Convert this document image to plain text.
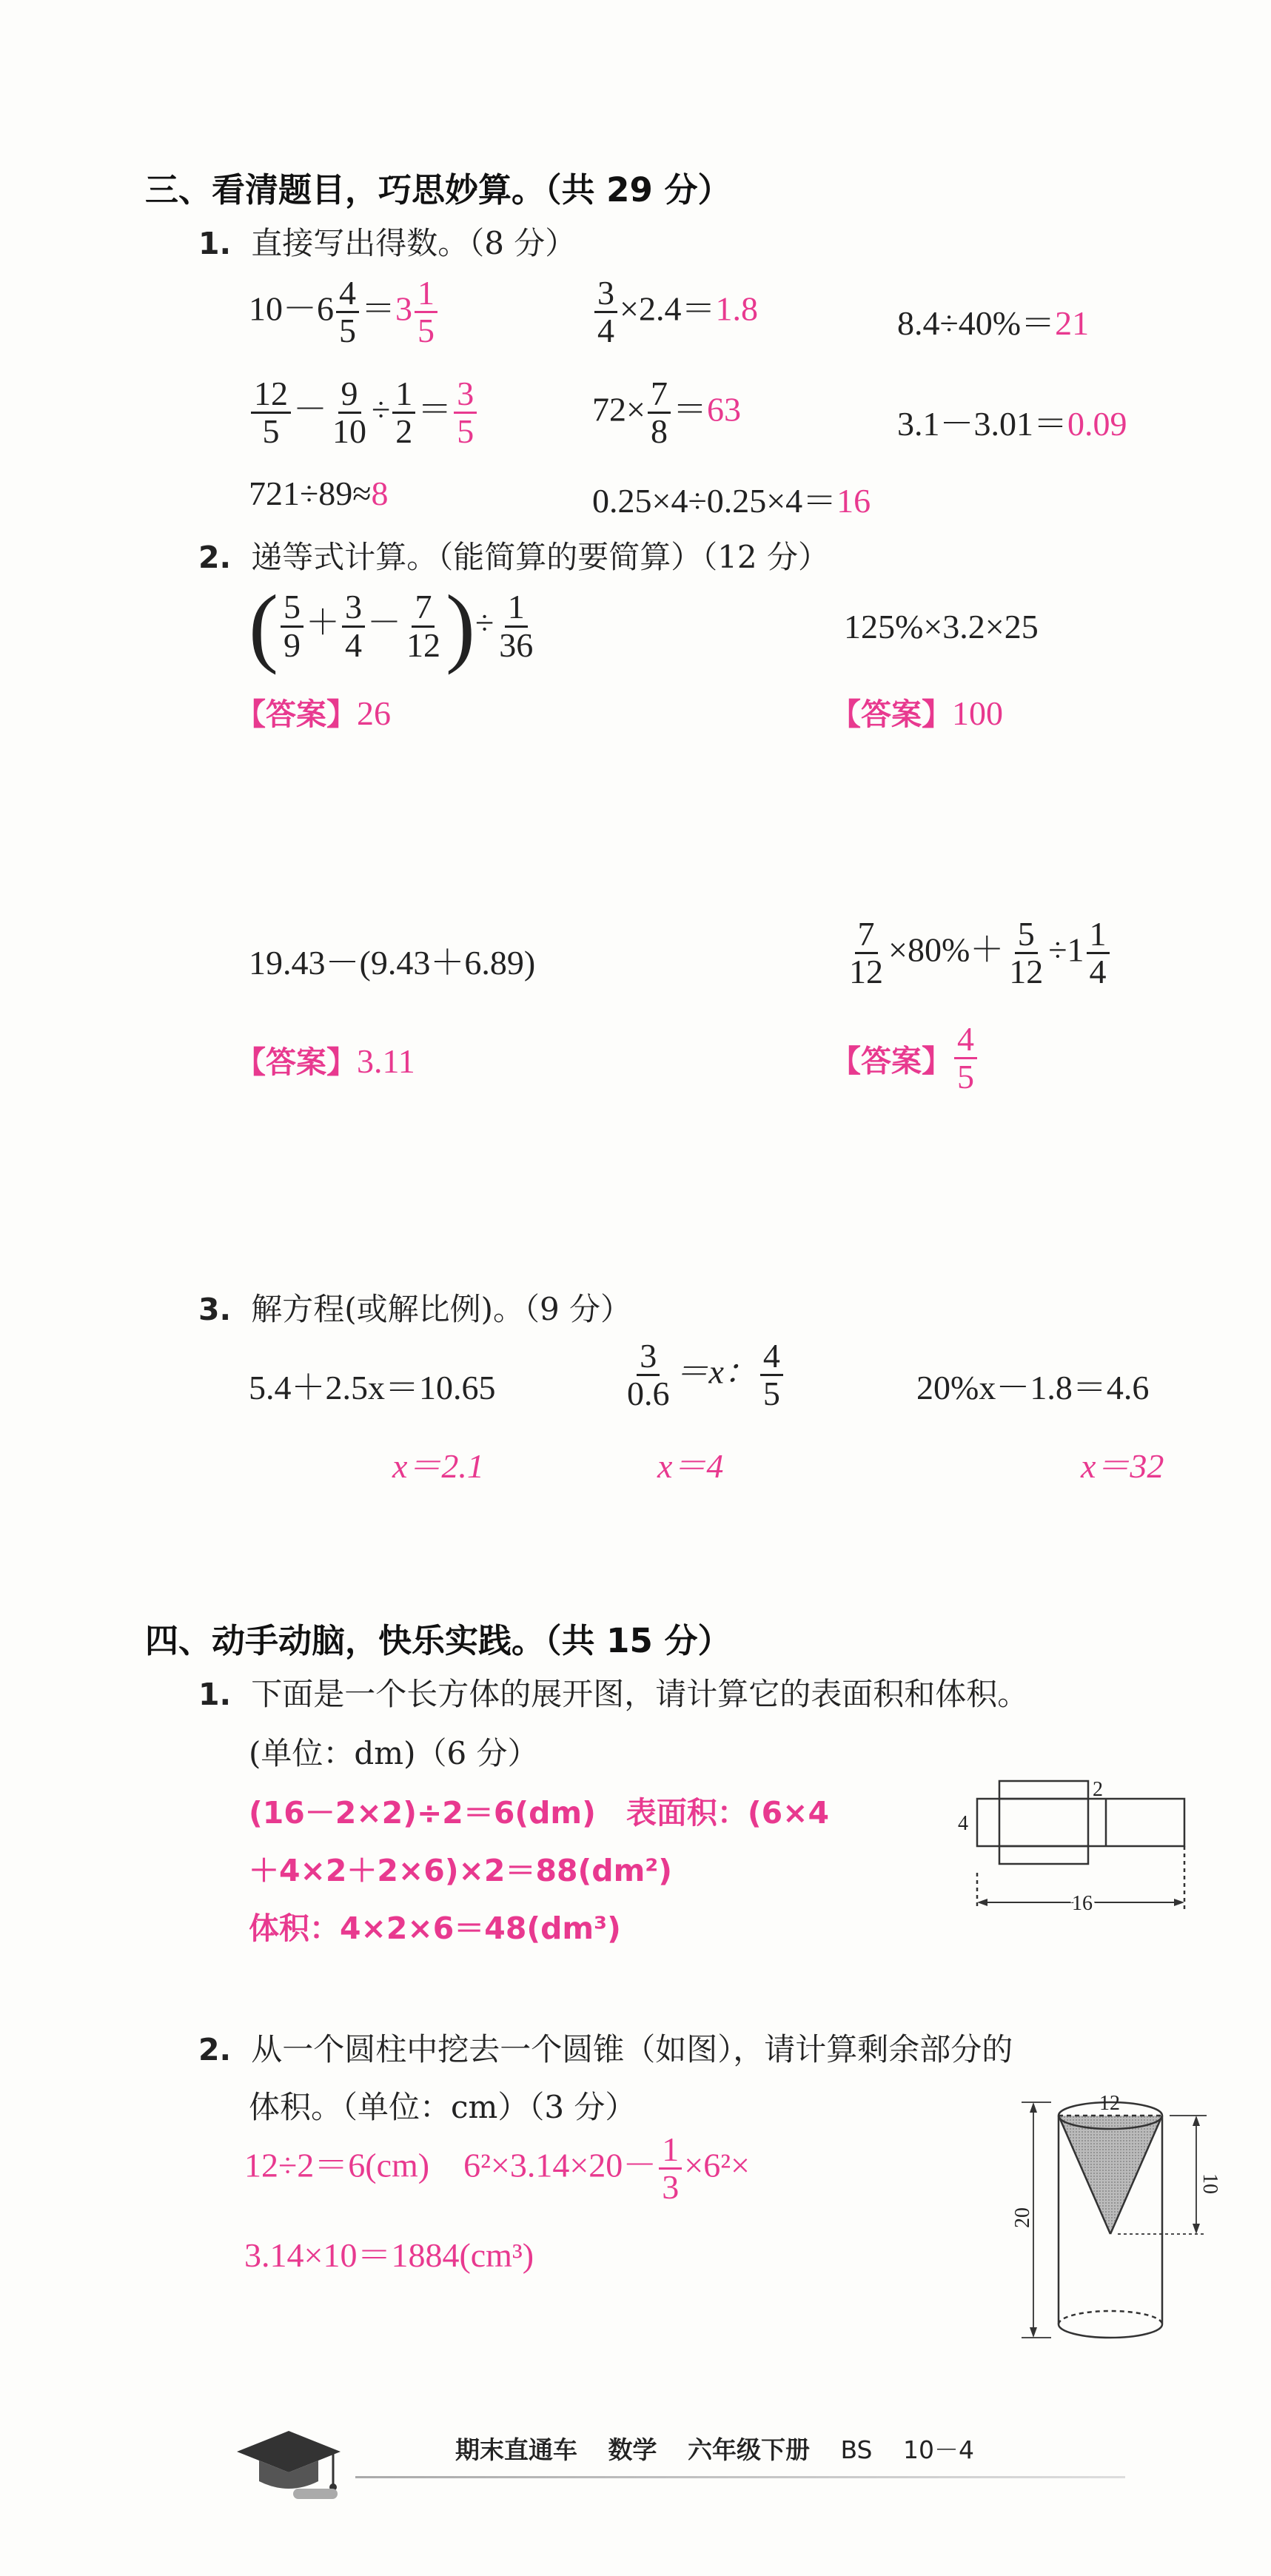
三、看清题目，巧思妙算。（共 29 分）
1. 直接写出得数。（8 分）
$10-6 \frac{4}{5} =3 \frac{1}{5}$	$\frac{3}{4} \times 2.4=1.8$	8.4÷40%＝21
$\frac{12}{5} - \frac{9}{10} \div \frac{1}{2} = \frac{3}{5}$	$72\times \frac{7}{8} =63$	3.1－3.01＝0.09
721÷89≈8	0.25×4÷0.25×4＝16
2. 递等式计算。（能简算的要简算）（12 分）
( $\frac{5}{9} + \frac{3}{4} - \frac{7}{12}$ )÷ $\frac{1}{36}$	125%×3.2×25
【答案】26	【答案】100
19.43－(9.43＋6.89)	$\frac{7}{12} \times 80\%+ \frac{5}{12} \div 1 \frac{1}{4}$
【答案】3.11	【答案】 $\frac{4}{5}$
3. 解方程(或解比例)。（9 分）
5.4＋2.5x＝10.65	$\frac{3}{0.6} =x$： $\frac{4}{5}$	20%x－1.8＝4.6
x＝2.1	x＝4	x＝32
四、动手动脑，快乐实践。（共 15 分）
1. 下面是一个长方体的展开图，请计算它的表面积和体积。
(单位：dm)（6 分）
(16－2×2)÷2＝6(dm)　表面积：(6×4
＋4×2＋2×6)×2＝88(dm²)
体积：4×2×6＝48(dm³)
2
4
16
2. 从一个圆柱中挖去一个圆锥（如图），请计算剩余部分的
体积。（单位：cm）（3 分）
12÷2＝6(cm)　$6^2\times 3.14\times 20- \frac{1}{3} \times 6^2\times$
3.14×10＝1884(cm³)
12
20
10
期末直通车 数学 六年级下册 BS 10－4
